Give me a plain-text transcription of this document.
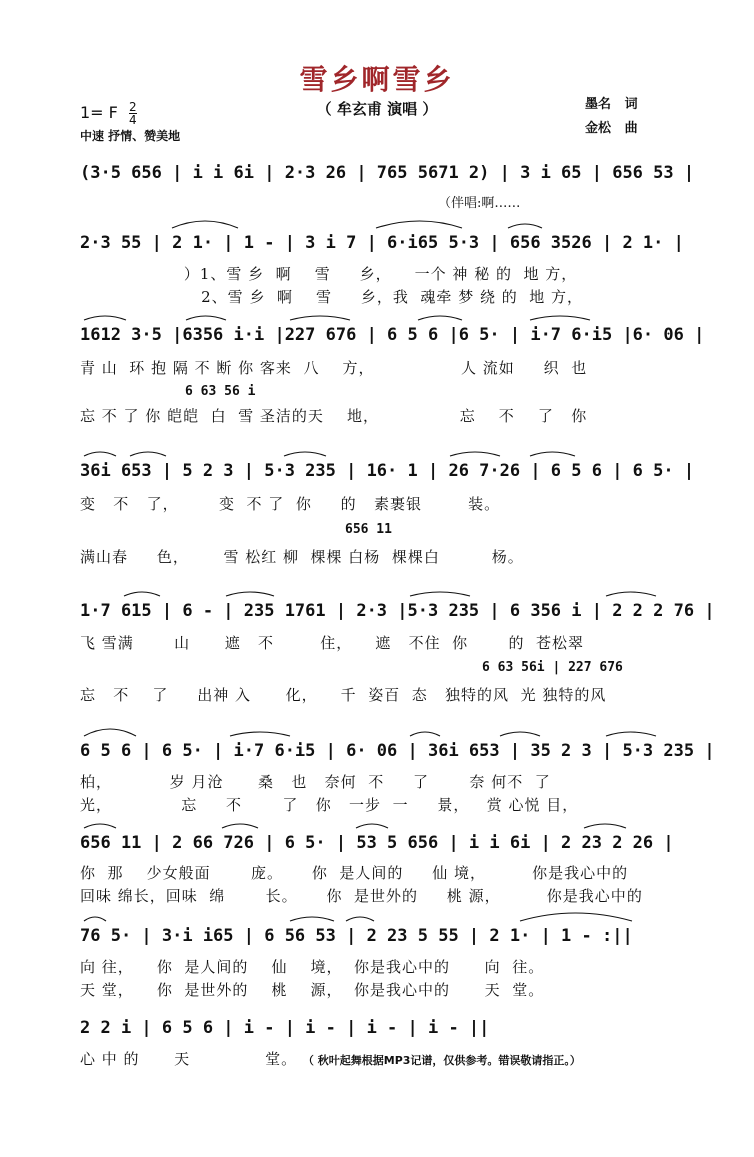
雪乡啊雪乡
（ 牟玄甫 演唱 ）
1= F $\frac{2}{4}$
中速 抒情、赞美地
墨名   词
金松   曲
(3·5 656 | i i 6i | 2·3 26 | 765 5671 2) | 3 i 65 | 656 53 |
（伴唱:啊……
2·3 55 | 2 1· | 1 - | 3 i 7 | 6·i65 5·3 | 656 3526 | 2 1· |
）1、雪 乡  啊    雪     乡，    一个 神 秘 的  地 方，
2、雪 乡  啊    雪     乡，我  魂牵 梦 绕 的  地 方，
1612 3·5 |6356 i·i |227 676 | 6 5 6 |6 5· | i·7 6·i5 |6· 06 |
青 山  环 抱 隔 不 断 你 客来  八    方，               人 流如     织  也
6 63 56 i
忘 不 了 你 皑皑  白  雪 圣洁的天    地，              忘    不    了   你
36i 653 | 5 2 3 | 5·3 235 | 16· 1 | 26 7·26 | 6 5 6 | 6 5· |
变   不   了，       变  不 了  你     的   素裹银        装。
656 11
满山春     色，      雪 松红 柳  棵棵 白杨  棵棵白         杨。
1·7 615 | 6 - | 235 1761 | 2·3 |5·3 235 | 6 356 i | 2 2 2 76 |
飞 雪满       山      遮   不        住，    遮   不住  你       的  苍松翠
6 63 56i | 227 676
忘   不    了     出神 入      化，    千  姿百  态   独特的风  光 独特的风
6 5 6 | 6 5· | i·7 6·i5 | 6· 06 | 36i 653 | 35 2 3 | 5·3 235 |
柏，          岁 月沧      桑   也   奈何  不     了       奈 何不  了
光，            忘     不       了   你   一步  一     景，   赏 心悦 目，
656 11 | 2 66 726 | 6 5· | 53 5 656 | i i 6i | 2 23 2 26 |
你  那    少女般面       庞。     你  是人间的     仙 境，        你是我心中的
回味 绵长，回味  绵       长。     你  是世外的     桃 源，        你是我心中的
76 5· | 3·i i65 | 6 56 53 | 2 23 5 55 | 2 1· | 1 - :||
向 往，    你  是人间的    仙    境，  你是我心中的      向  往。
天 堂，    你  是世外的    桃    源，  你是我心中的      天  堂。
2 2 i | 6 5 6 | i - | i - | i - | i - ||
心 中 的      天             堂。 （ 秋叶起舞根据MP3记谱，仅供参考。错误敬请指正。）
